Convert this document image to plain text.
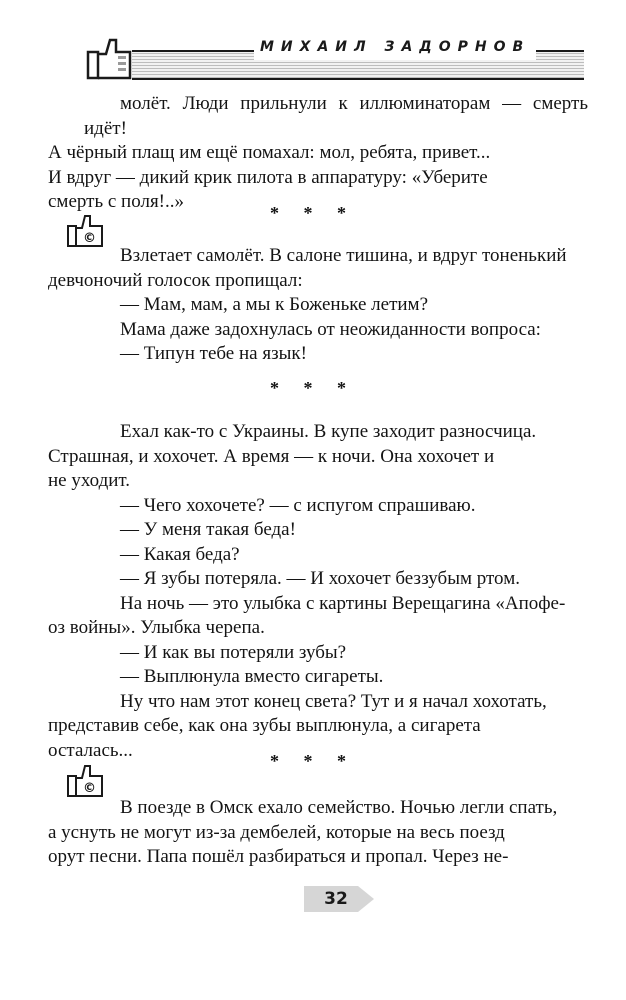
МИХАИЛ ЗАДОРНОВ

молёт. Люди прильнули к иллюминаторам — смерть идёт!
А чёрный плащ им ещё помахал: мол, ребята, привет...
И вдруг — дикий крик пилота в аппаратуру: «Уберите
смерть с поля!..»

* * *
©

Взлетает самолёт. В салоне тишина, и вдруг тоненький
девчоночий голосок пропищал:

— Мам, мам, а мы к Боженьке летим?

Мама даже задохнулась от неожиданности вопроса:

— Типун тебе на язык!

* * *

Ехал как-то с Украины. В купе заходит разносчица.
Страшная, и хохочет. А время — к ночи. Она хохочет и
не уходит.

— Чего хохочете? — с испугом спрашиваю.

— У меня такая беда!

— Какая беда?

— Я зубы потеряла. — И хохочет беззубым ртом.

На ночь — это улыбка с картины Верещагина «Апофе-
оз войны». Улыбка черепа.

— И как вы потеряли зубы?

— Выплюнула вместо сигареты.

Ну что нам этот конец света? Тут и я начал хохотать,
представив себе, как она зубы выплюнула, а сигарета
осталась...

* * *
©

В поезде в Омск ехало семейство. Ночью легли спать,
а уснуть не могут из-за дембелей, которые на весь поезд
орут песни. Папа пошёл разбираться и пропал. Через не-

32
